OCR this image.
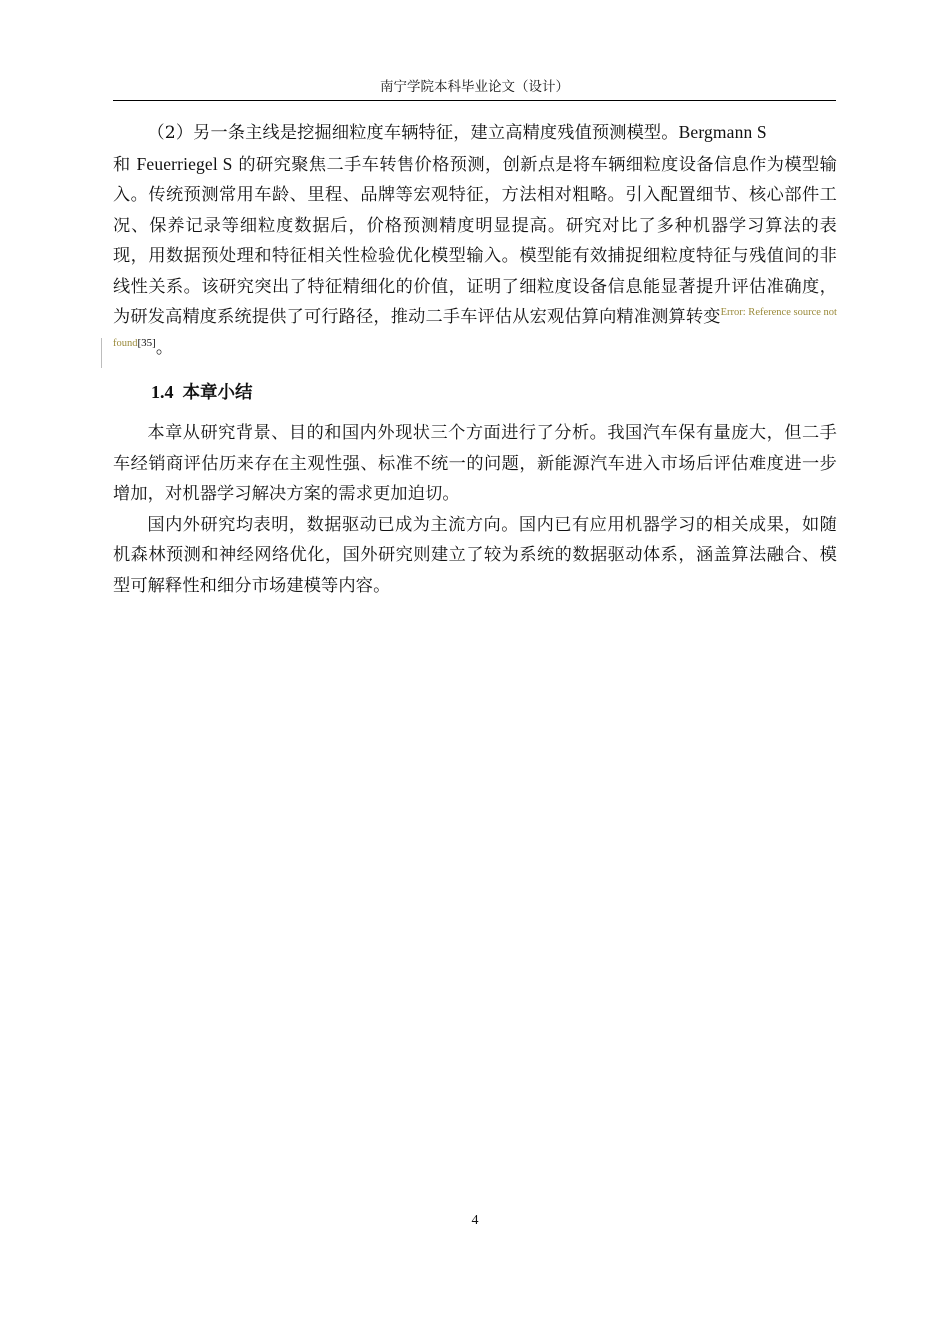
南宁学院本科毕业论文（设计）

（2）另一条主线是挖掘细粒度车辆特征，建立高精度残值预测模型。Bergmann S
和 Feuerriegel S 的研究聚焦二手车转售价格预测，创新点是将车辆细粒度设备信息作为模型输入。传统预测常用车龄、里程、品牌等宏观特征，方法相对粗略。引入配置细节、核心部件工况、保养记录等细粒度数据后，价格预测精度明显提高。研究对比了多种机器学习算法的表现，用数据预处理和特征相关性检验优化模型输入。模型能有效捕捉细粒度特征与残值间的非线性关系。该研究突出了特征精细化的价值，证明了细粒度设备信息能显著提升评估准确度，为研发高精度系统提供了可行路径，推动二手车评估从宏观估算向精准测算转变$^{Error: Reference source not found[35]}$。

1.4 本章小结

本章从研究背景、目的和国内外现状三个方面进行了分析。我国汽车保有量庞大，但二手车经销商评估历来存在主观性强、标准不统一的问题，新能源汽车进入市场后评估难度进一步增加，对机器学习解决方案的需求更加迫切。

国内外研究均表明，数据驱动已成为主流方向。国内已有应用机器学习的相关成果，如随机森林预测和神经网络优化，国外研究则建立了较为系统的数据驱动体系，涵盖算法融合、模型可解释性和细分市场建模等内容。

4
